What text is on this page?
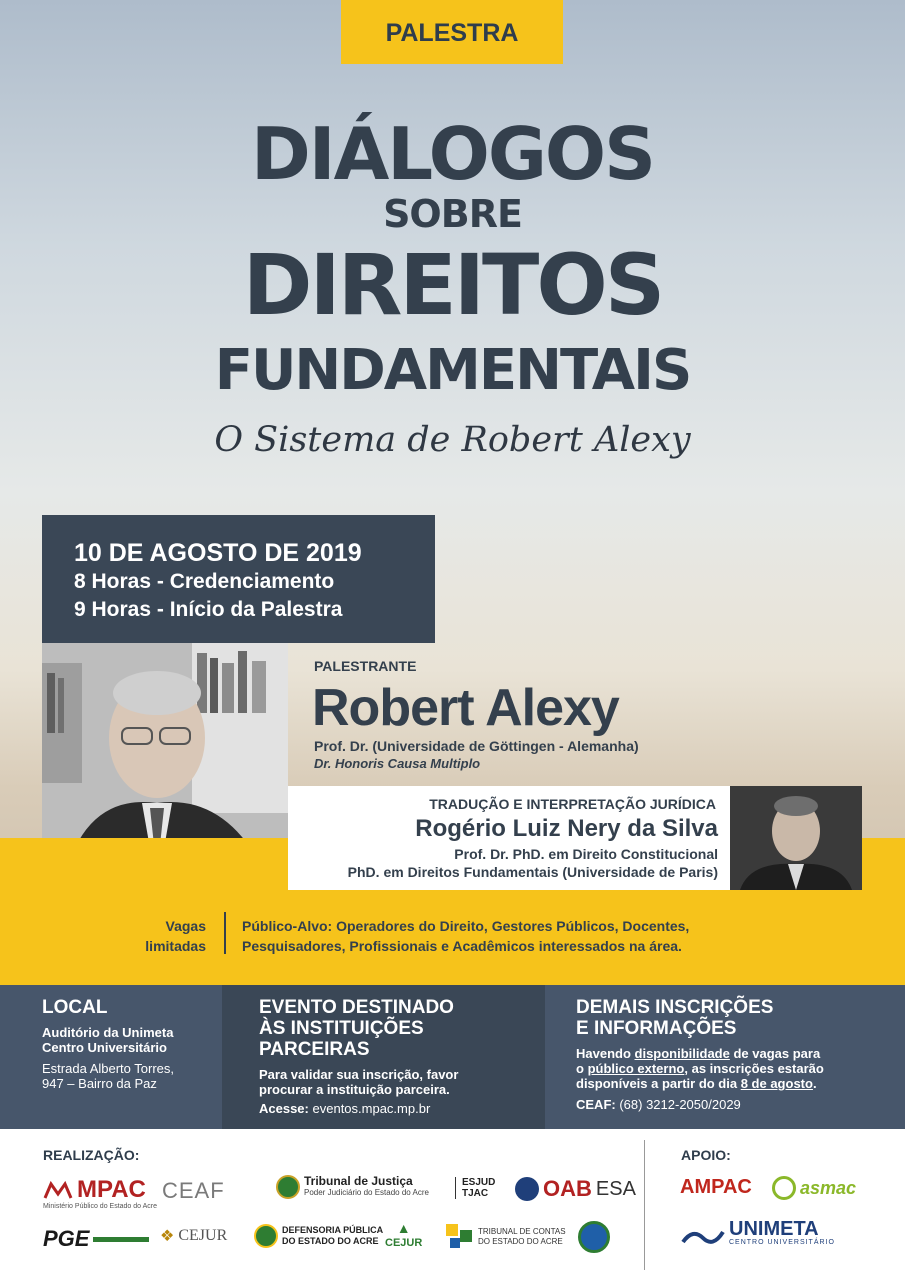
PALESTRA
DIÁLOGOS
SOBRE
DIREITOS
FUNDAMENTAIS
O Sistema de Robert Alexy
10 DE AGOSTO DE 2019
8 Horas - Credenciamento
9 Horas - Início da Palestra
PALESTRANTE
Robert Alexy
Prof. Dr. (Universidade de Göttingen - Alemanha)
Dr. Honoris Causa Multiplo
TRADUÇÃO E INTERPRETAÇÃO JURÍDICA
Rogério Luiz Nery da Silva
Prof. Dr. PhD. em Direito Constitucional
PhD. em Direitos Fundamentais (Universidade de Paris)
Vagas
limitadas
Público-Alvo: Operadores do Direito, Gestores Públicos, Docentes,
Pesquisadores, Profissionais e Acadêmicos interessados na área.
LOCAL
Auditório da Unimeta
Centro Universitário
Estrada Alberto Torres,
947 – Bairro da Paz
EVENTO DESTINADO
ÀS INSTITUIÇÕES
PARCEIRAS
Para validar sua inscrição, favor
procurar a instituição parceira.
Acesse: eventos.mpac.mp.br
DEMAIS INSCRIÇÕES
E INFORMAÇÕES
Havendo disponibilidade de vagas para
o público externo, as inscrições estarão
disponíveis a partir do dia 8 de agosto.
CEAF: (68) 3212-2050/2029
REALIZAÇÃO:	APOIO:
MPAC
Ministério Público do Estado do Acre
CEAF	Tribunal de Justiça
Poder Judiciário do Estado do Acre
ESJUD
TJAC OAB ESA
PGE	❖ CEJUR	DEFENSORIA PÚBLICA
DO ESTADO DO ACRE
▲
CEJUR
TRIBUNAL DE CONTAS
DO ESTADO DO ACRE
AMPAC	asmac
UNIMETA
CENTRO UNIVERSITÁRIO
